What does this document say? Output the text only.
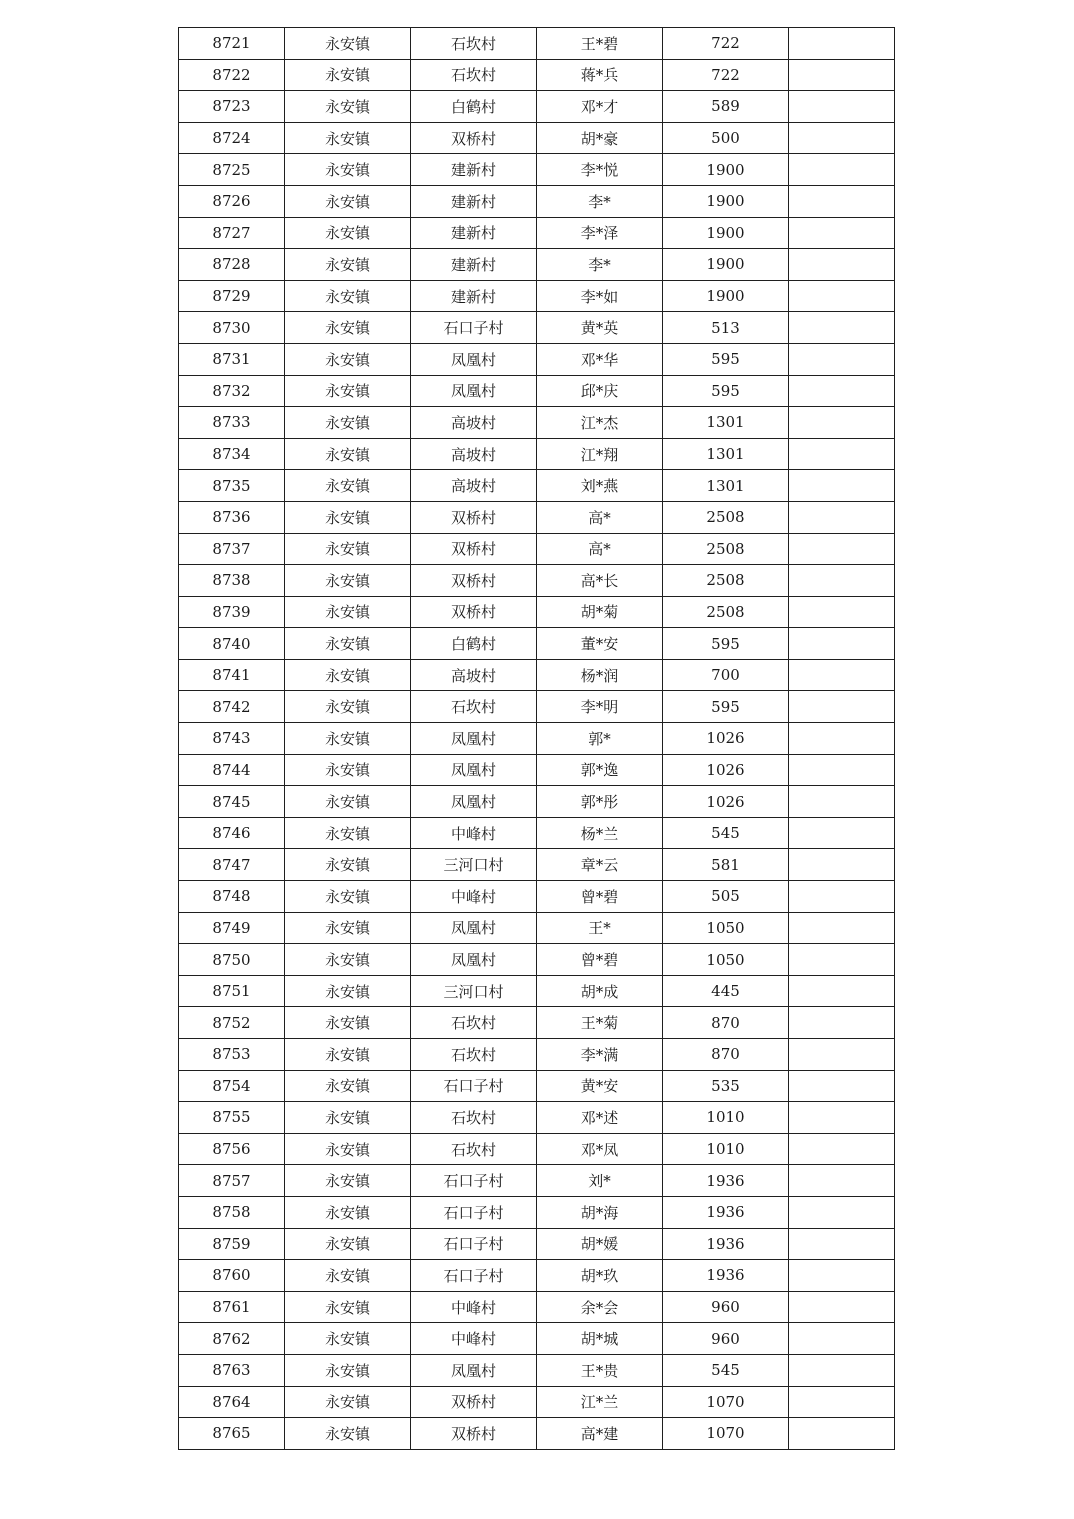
8721	永安镇	石坎村	王*碧	722	
8722	永安镇	石坎村	蒋*兵	722	
8723	永安镇	白鹤村	邓*才	589	
8724	永安镇	双桥村	胡*豪	500	
8725	永安镇	建新村	李*悦	1900	
8726	永安镇	建新村	李*	1900	
8727	永安镇	建新村	李*泽	1900	
8728	永安镇	建新村	李*	1900	
8729	永安镇	建新村	李*如	1900	
8730	永安镇	石口子村	黄*英	513	
8731	永安镇	凤凰村	邓*华	595	
8732	永安镇	凤凰村	邱*庆	595	
8733	永安镇	高坡村	江*杰	1301	
8734	永安镇	高坡村	江*翔	1301	
8735	永安镇	高坡村	刘*燕	1301	
8736	永安镇	双桥村	高*	2508	
8737	永安镇	双桥村	高*	2508	
8738	永安镇	双桥村	高*长	2508	
8739	永安镇	双桥村	胡*菊	2508	
8740	永安镇	白鹤村	董*安	595	
8741	永安镇	高坡村	杨*润	700	
8742	永安镇	石坎村	李*明	595	
8743	永安镇	凤凰村	郭*	1026	
8744	永安镇	凤凰村	郭*逸	1026	
8745	永安镇	凤凰村	郭*彤	1026	
8746	永安镇	中峰村	杨*兰	545	
8747	永安镇	三河口村	章*云	581	
8748	永安镇	中峰村	曾*碧	505	
8749	永安镇	凤凰村	王*	1050	
8750	永安镇	凤凰村	曾*碧	1050	
8751	永安镇	三河口村	胡*成	445	
8752	永安镇	石坎村	王*菊	870	
8753	永安镇	石坎村	李*满	870	
8754	永安镇	石口子村	黄*安	535	
8755	永安镇	石坎村	邓*述	1010	
8756	永安镇	石坎村	邓*凤	1010	
8757	永安镇	石口子村	刘*	1936	
8758	永安镇	石口子村	胡*海	1936	
8759	永安镇	石口子村	胡*媛	1936	
8760	永安镇	石口子村	胡*玖	1936	
8761	永安镇	中峰村	余*会	960	
8762	永安镇	中峰村	胡*城	960	
8763	永安镇	凤凰村	王*贵	545	
8764	永安镇	双桥村	江*兰	1070	
8765	永安镇	双桥村	高*建	1070	
